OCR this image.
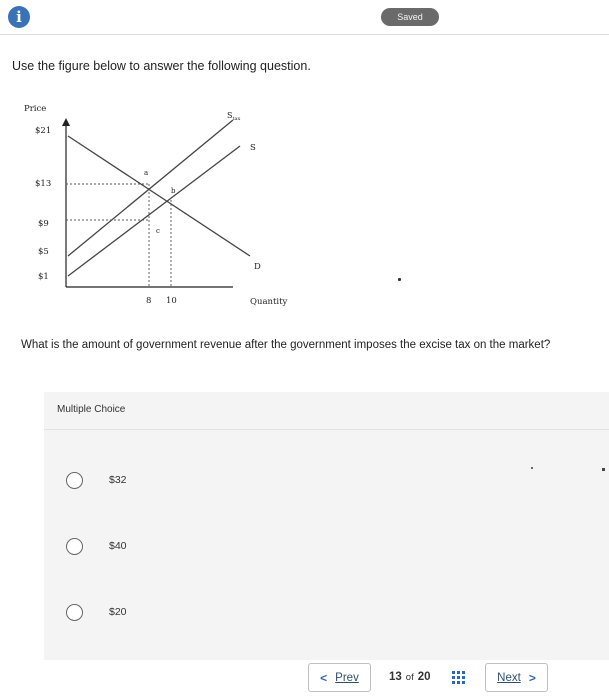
i	Saved
Use the figure below to answer the following question.
Price
$21
$13
$9
$5
$1
8 10	Quantity
$S_{tax}$
S
D
a
b
c
What is the amount of government revenue after the government imposes the excise tax on the market?
Multiple Choice
$32
$40
$20
< Prev	13 of 20	Next >
